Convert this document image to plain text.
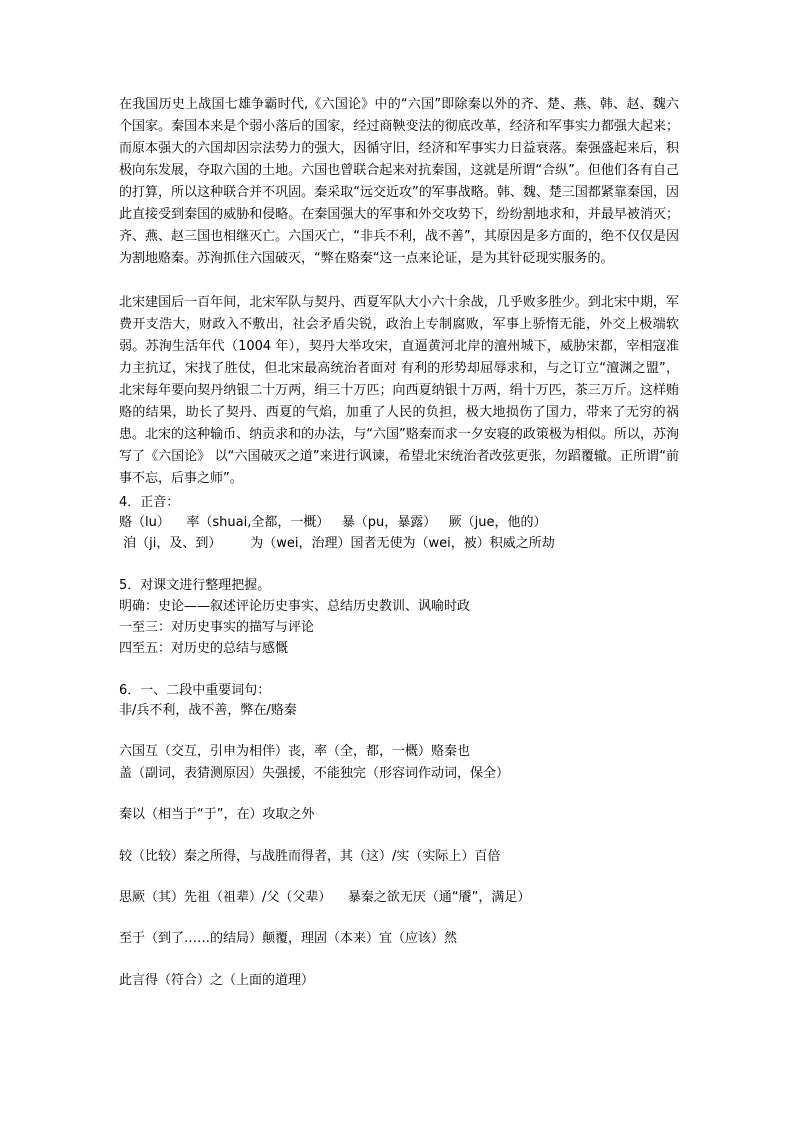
在我国历史上战国七雄争霸时代,《六国论》中的“六国”即除秦以外的齐、楚、燕、韩、赵、魏六个国家。秦国本来是个弱小落后的国家，经过商鞅变法的彻底改革，经济和军事实力都强大起来；而原本强大的六国却因宗法势力的强大，因循守旧，经济和军事实力日益衰落。秦强盛起来后，积极向东发展，夺取六国的土地。六国也曾联合起来对抗秦国，这就是所谓“合纵”。但他们各有自己的打算，所以这种联合并不巩固。秦采取“远交近攻”的军事战略。韩、魏、楚三国都紧靠秦国，因此直接受到秦国的威胁和侵略。在秦国强大的军事和外交攻势下，纷纷割地求和，并最早被消灭；齐、燕、赵三国也相继灭亡。六国灭亡，“非兵不利，战不善”，其原因是多方面的，绝不仅仅是因为割地赂秦。苏洵抓住六国破灭，“弊在赂秦“这一点来论证，是为其针砭现实服务的。

北宋建国后一百年间，北宋军队与契丹、西夏军队大小六十余战，几乎败多胜少。到北宋中期，军费开支浩大，财政入不敷出，社会矛盾尖锐，政治上专制腐败，军事上骄惰无能，外交上极端软弱。苏洵生活年代（1004 年），契丹大举攻宋，直逼黄河北岸的澶州城下，威胁宋都，宰相寇准力主抗辽，宋找了胜仗，但北宋最高统治者面对 有利的形势却屈辱求和，与之订立“澶渊之盟”，北宋每年要向契丹纳银二十万两，绢三十万匹；向西夏纳银十万两，绢十万匹，茶三万斤。这样贿赂的结果，助长了契丹、西夏的气焰，加重了人民的负担，极大地损伤了国力，带来了无穷的祸患。北宋的这种输币、纳贡求和的办法，与“六国”赂秦而求一夕安寝的政策极为相似。所以，苏洵写了《六国论》 以“六国破灭之道”来进行讽谏，希望北宋统治者改弦更张，勿蹈覆辙。正所谓“前事不忘，后事之师”。

4．正音：

赂（lu）    率（shuai,全都，一概）   暴（pu，暴露）   厥（jue，他的）

洎（ji，及、到）       为（wei，治理）国者无使为（wei，被）积威之所劫

5．对课文进行整理把握。

明确：史论——叙述评论历史事实、总结历史教训、讽喻时政

一至三：对历史事实的描写与评论

四至五：对历史的总结与感慨

6．一、二段中重要词句：

非/兵不利，战不善，弊在/赂秦

六国互（交互，引申为相伴）丧，率（全，都，一概）赂秦也

盖（副词，表猜测原因）失强援，不能独完（形容词作动词，保全）

秦以（相当于“于”，在）攻取之外

较（比较）秦之所得，与战胜而得者，其（这）/实（实际上）百倍

思厥（其）先祖（祖辈）/父（父辈）    暴秦之欲无厌（通“餍”，满足）

至于（到了……的结局）颠覆，理固（本来）宜（应该）然

此言得（符合）之（上面的道理）
